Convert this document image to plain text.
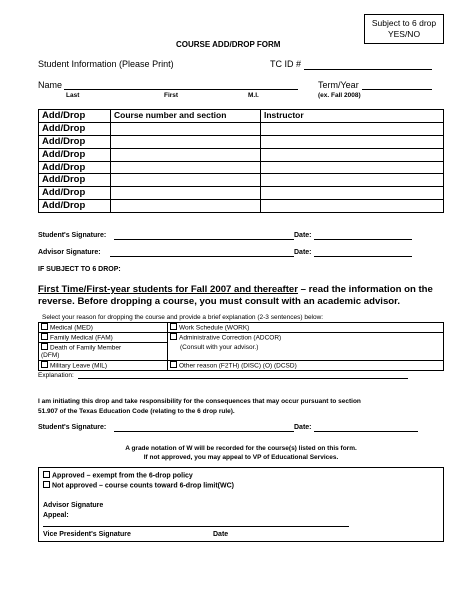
Subject to 6 drop
YES/NO
COURSE ADD/DROP FORM
Student Information (Please Print)	TC ID #
Name	Term/Year
Last	First	M.I.	(ex. Fall 2008)
Add/Drop	Course number and section	Instructor
Add/Drop		
Add/Drop		
Add/Drop		
Add/Drop		
Add/Drop		
Add/Drop		
Add/Drop		
Student's Signature:	Date:
Advisor Signature:	Date:
IF SUBJECT TO 6 DROP:
First Time/First-year students for Fall 2007 and thereafter – read the information on the
reverse. Before dropping a course, you must consult with an academic advisor.
Select your reason for dropping the course and provide a brief explanation (2-3 sentences) below:
Medical (MED)	Work Schedule (WORK)
Family Medical (FAM)	Administrative Correction (ADCOR)
(Consult with your advisor.)
Death of Family Member
(DFM)	
Military Leave (MIL)	Other reason (F2TH) (DISC) (O) (DCSD)
Explanation:
I am initiating this drop and take responsibility for the consequences that may occur pursuant to section
51.907 of the Texas Education Code (relating to the 6 drop rule).
Student's Signature:	Date:
A grade notation of W will be recorded for the course(s) listed on this form.
If not approved, you may appeal to VP of Educational Services.
Approved – exempt from the 6-drop policy
Not approved – course counts toward 6-drop limit(WC)
Advisor Signature
Appeal:
Vice President's Signature	Date
